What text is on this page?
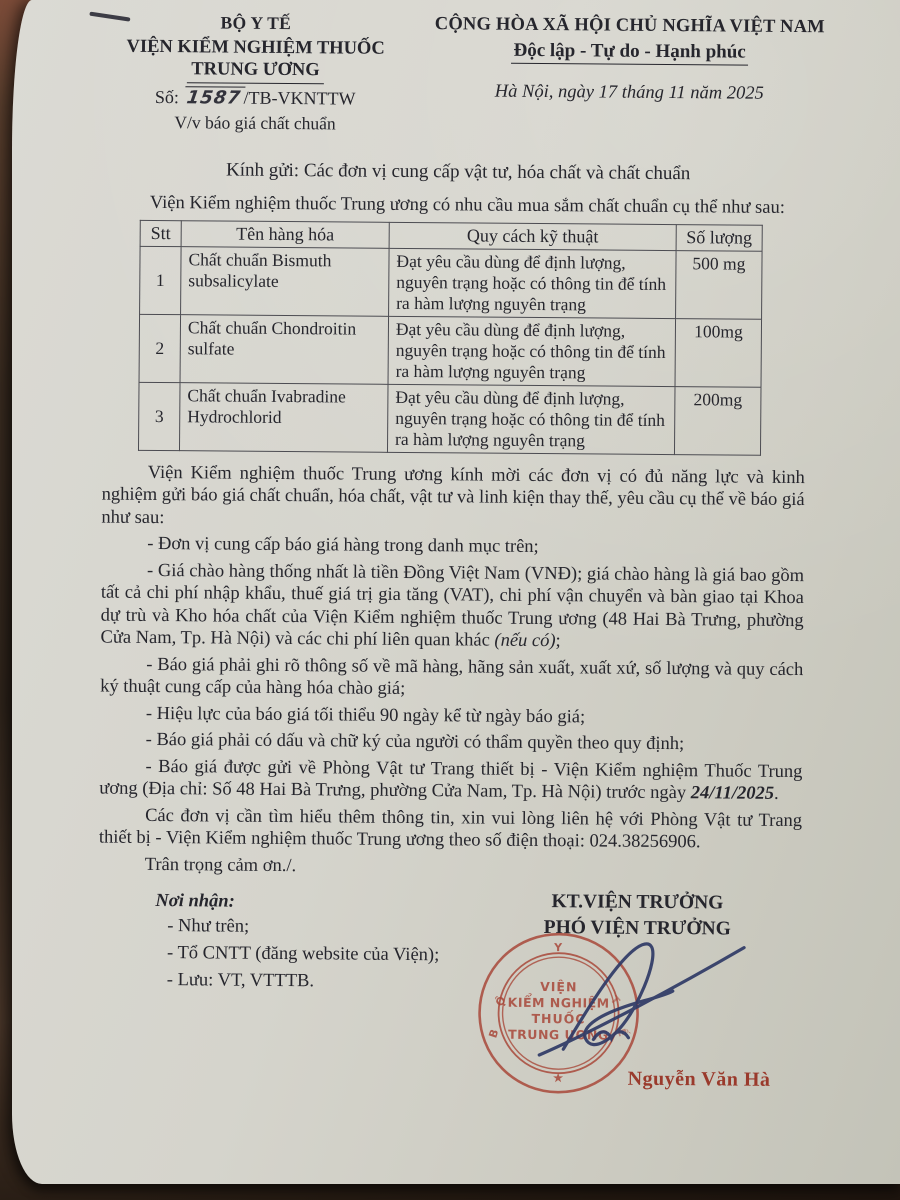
BỘ Y TẾ
VIỆN KIỂM NGHIỆM THUỐC
TRUNG ƯƠNG
Số: 1587/TB-VKNTTW
V/v báo giá chất chuẩn
CỘNG HÒA XÃ HỘI CHỦ NGHĨA VIỆT NAM
Độc lập - Tự do - Hạnh phúc
Hà Nội, ngày 17 tháng 11 năm 2025
Kính gửi: Các đơn vị cung cấp vật tư, hóa chất và chất chuẩn

Viện Kiểm nghiệm thuốc Trung ương có nhu cầu mua sắm chất chuẩn cụ thể như sau:

Stt	Tên hàng hóa	Quy cách kỹ thuật	Số lượng
1	Chất chuẩn Bismuth subsalicylate	Đạt yêu cầu dùng để định lượng, nguyên trạng hoặc có thông tin để tính ra hàm lượng nguyên trạng	500 mg
2	Chất chuẩn Chondroitin sulfate	Đạt yêu cầu dùng để định lượng, nguyên trạng hoặc có thông tin để tính ra hàm lượng nguyên trạng	100mg
3	Chất chuẩn Ivabradine Hydrochlorid	Đạt yêu cầu dùng để định lượng, nguyên trạng hoặc có thông tin để tính ra hàm lượng nguyên trạng	200mg

Viện Kiểm nghiệm thuốc Trung ương kính mời các đơn vị có đủ năng lực và kinh nghiệm gửi báo giá chất chuẩn, hóa chất, vật tư và linh kiện thay thế, yêu cầu cụ thể về báo giá như sau:

- Đơn vị cung cấp báo giá hàng trong danh mục trên;

- Giá chào hàng thống nhất là tiền Đồng Việt Nam (VNĐ); giá chào hàng là giá bao gồm tất cả chi phí nhập khẩu, thuế giá trị gia tăng (VAT), chi phí vận chuyển và bàn giao tại Khoa dự trù và Kho hóa chất của Viện Kiểm nghiệm thuốc Trung ương (48 Hai Bà Trưng, phường Cửa Nam, Tp. Hà Nội) và các chi phí liên quan khác (nếu có);

- Báo giá phải ghi rõ thông số về mã hàng, hãng sản xuất, xuất xứ, số lượng và quy cách ký thuật cung cấp của hàng hóa chào giá;

- Hiệu lực của báo giá tối thiểu 90 ngày kể từ ngày báo giá;

- Báo giá phải có dấu và chữ ký của người có thẩm quyền theo quy định;

- Báo giá được gửi về Phòng Vật tư Trang thiết bị - Viện Kiểm nghiệm Thuốc Trung ương (Địa chỉ: Số 48 Hai Bà Trưng, phường Cửa Nam, Tp. Hà Nội) trước ngày 24/11/2025.

Các đơn vị cần tìm hiểu thêm thông tin, xin vui lòng liên hệ với Phòng Vật tư Trang thiết bị - Viện Kiểm nghiệm thuốc Trung ương theo số điện thoại: 024.38256906.

Trân trọng cảm ơn./.

Nơi nhận:
- Như trên;
- Tổ CNTT (đăng website của Viện);
- Lưu: VT, VTTTB.
KT.VIỆN TRƯỞNG
PHÓ VIỆN TRƯỞNG
B
Ộ
Y
T
Ế
VIỆN
KIỂM NGHIỆM
THUỐC
TRUNG ƯƠNG
★	Nguyễn Văn Hà
